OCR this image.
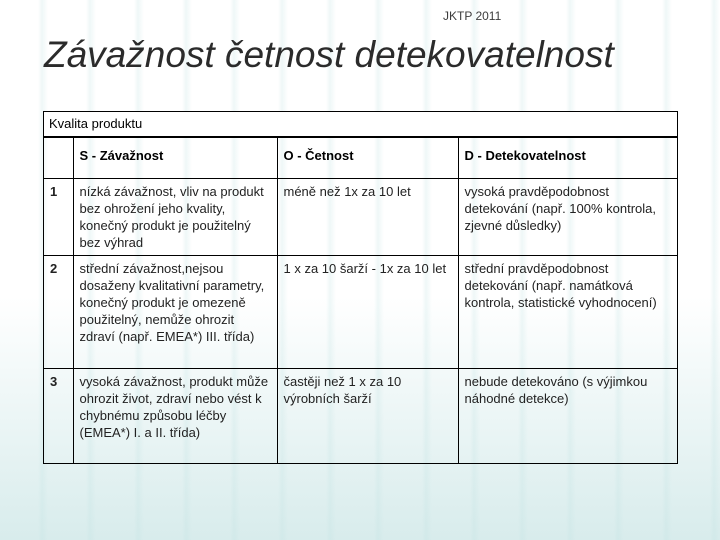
JKTP 2011
Závažnost četnost detekovatelnost
Kvalita produktu
	S - Závažnost	O - Četnost	D - Detekovatelnost
1	nízká závažnost, vliv na produkt bez ohrožení jeho kvality, konečný produkt je použitelný bez výhrad	méně než 1x za 10 let	vysoká pravděpodobnost detekování (např. 100% kontrola, zjevné důsledky)
2	střední závažnost,nejsou dosaženy kvalitativní parametry, konečný produkt je omezeně použitelný, nemůže ohrozit zdraví (např. EMEA*) III. třída)	1 x za 10 šarží - 1x za 10 let	střední pravděpodobnost detekování (např. namátková kontrola, statistické vyhodnocení)
3	vysoká závažnost, produkt může ohrozit život, zdraví nebo vést k chybnému způsobu léčby (EMEA*) I. a II. třída)	častěji než 1 x za 10 výrobních šarží	nebude detekováno (s výjimkou náhodné detekce)
